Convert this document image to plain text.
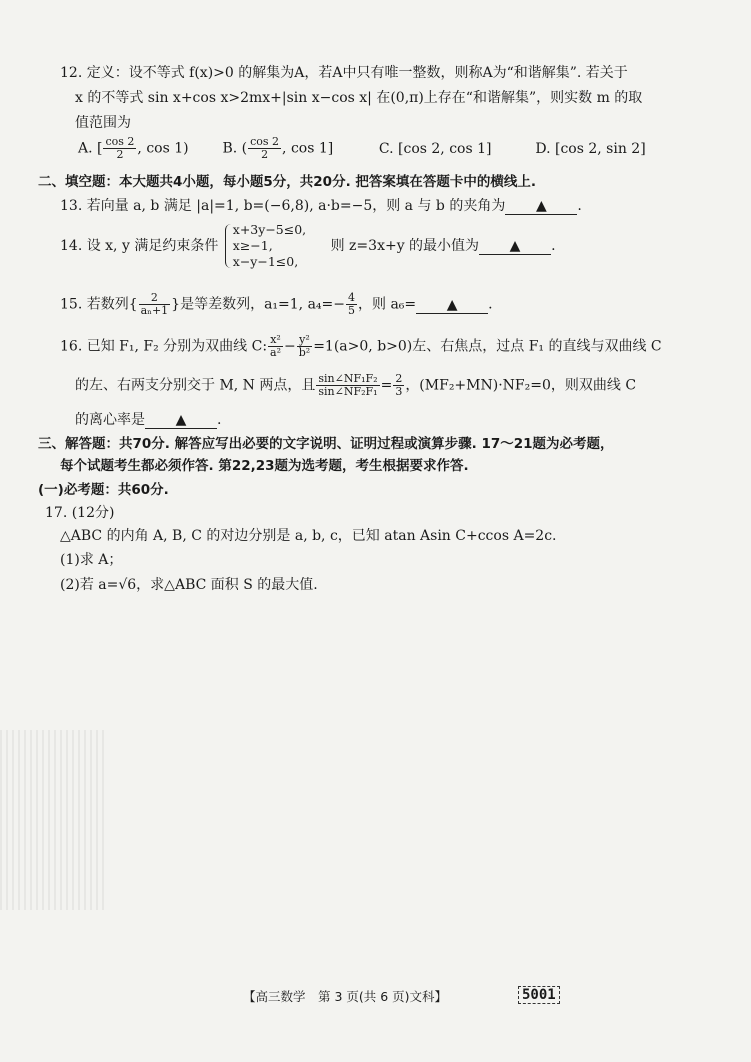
12. 定义：设不等式 f(x)>0 的解集为A，若A中只有唯一整数，则称A为“和谐解集”. 若关于
x 的不等式 sin x+cos x>2mx+|sin x−cos x| 在(0,π)上存在“和谐解集”，则实数 m 的取
值范围为
A. [ $\frac{\cos 2}{2}$ , cos 1) B. ( $\frac{\cos 2}{2}$ , cos 1]	C. [cos 2, cos 1]	D. [cos 2, sin 2]
二、填空题：本大题共4小题，每小题5分，共20分. 把答案填在答题卡中的横线上.
13. 若向量 a, b 满足 |a|=1, b=(−6,8), a·b=−5，则 a 与 b 的夹角为 ▲ .
14. 设 x, y 满足约束条件
x+3y−5≤0,
x≥−1,
x−y−1≤0,
则 z=3x+y 的最小值为 ▲ .
15. 若数列{ $\frac{2}{\text{aₙ+1}}$ }是等差数列，a₁=1, $a_4=- \frac{4}{5}$ ，则 a₆= ▲ .
16. 已知 F₁, F₂ 分别为双曲线 C: $\frac{\text{x²}}{\text{a²}} - \frac{\text{y²}}{\text{b²}} =1(a>0$, b>0)左、右焦点，过点 F₁ 的直线与双曲线 C
的左、右两支分别交于 M, N 两点，且 $\frac{\text{sin∠NF₁F₂}}{\text{sin∠NF₂F₁}} = \frac{2}{3}$ ，(MF₂+MN)·NF₂=0，则双曲线 C
的离心率是 ▲ .
三、解答题：共70分. 解答应写出必要的文字说明、证明过程或演算步骤. 17～21题为必考题，
每个试题考生都必须作答. 第22,23题为选考题，考生根据要求作答.
(一)必考题：共60分.
17. (12分)
△ABC 的内角 A, B, C 的对边分别是 a, b, c，已知 atan Asin C+ccos A=2c.
(1)求 A；
(2)若 a=√6，求△ABC 面积 S 的最大值.
【高三数学　第 3 页(共 6 页)文科】	5001
